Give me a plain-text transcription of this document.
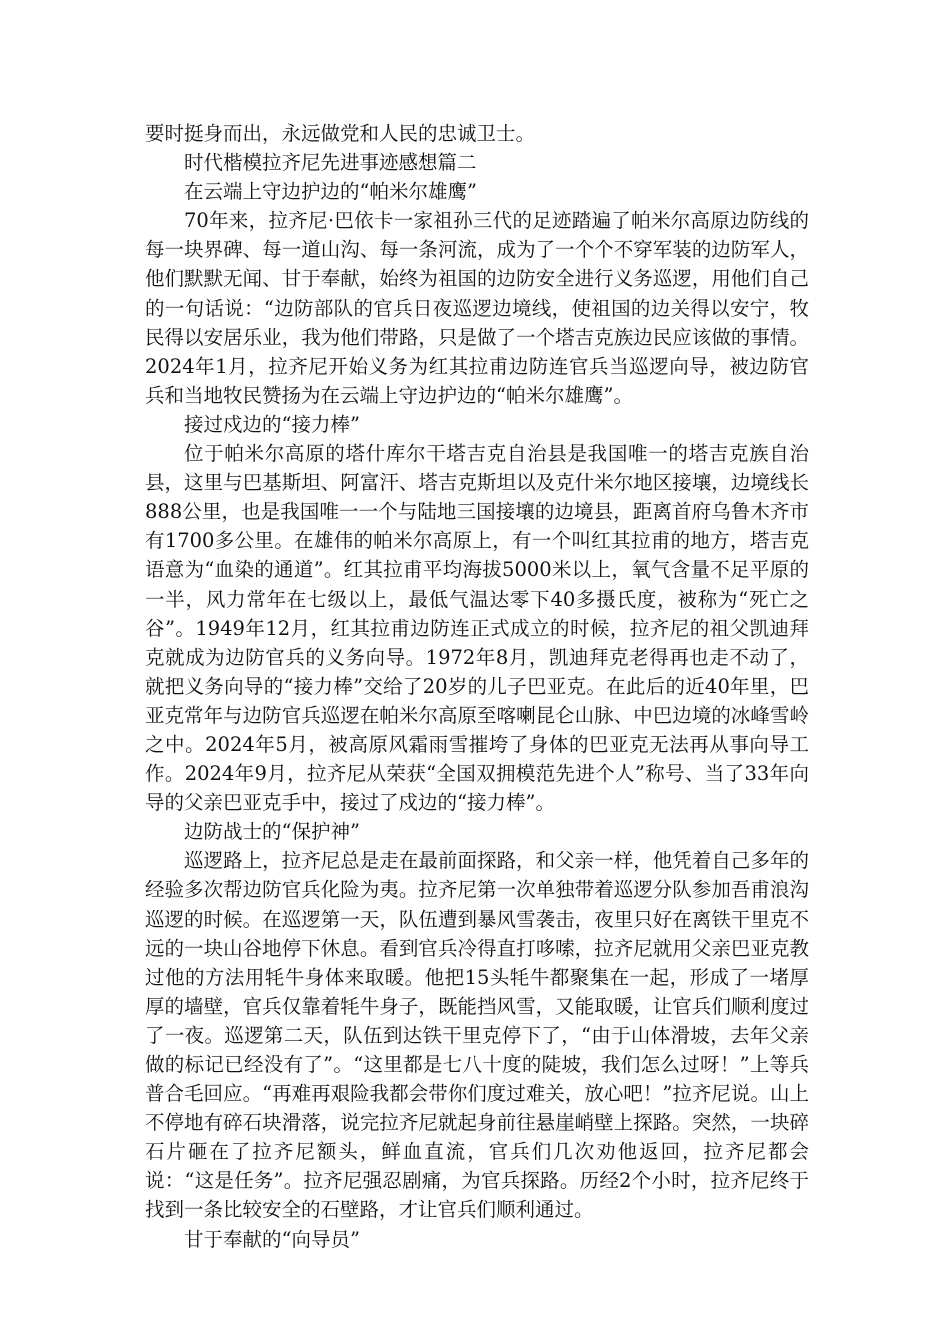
要时挺身而出，永远做党和人民的忠诚卫士。

时代楷模拉齐尼先进事迹感想篇二

在云端上守边护边的“帕米尔雄鹰”

70年来，拉齐尼·巴依卡一家祖孙三代的足迹踏遍了帕米尔高原边防线的每一块界碑、每一道山沟、每一条河流，成为了一个个不穿军装的边防军人，他们默默无闻、甘于奉献，始终为祖国的边防安全进行义务巡逻，用他们自己的一句话说：“边防部队的官兵日夜巡逻边境线，使祖国的边关得以安宁，牧民得以安居乐业，我为他们带路，只是做了一个塔吉克族边民应该做的事情。2024年1月，拉齐尼开始义务为红其拉甫边防连官兵当巡逻向导，被边防官兵和当地牧民赞扬为在云端上守边护边的“帕米尔雄鹰”。

接过戍边的“接力棒”

位于帕米尔高原的塔什库尔干塔吉克自治县是我国唯一的塔吉克族自治县，这里与巴基斯坦、阿富汗、塔吉克斯坦以及克什米尔地区接壤，边境线长888公里，也是我国唯一一个与陆地三国接壤的边境县，距离首府乌鲁木齐市有1700多公里。在雄伟的帕米尔高原上，有一个叫红其拉甫的地方，塔吉克语意为“血染的通道”。红其拉甫平均海拔5000米以上，氧气含量不足平原的一半，风力常年在七级以上，最低气温达零下40多摄氏度，被称为“死亡之谷”。1949年12月，红其拉甫边防连正式成立的时候，拉齐尼的祖父凯迪拜克就成为边防官兵的义务向导。1972年8月，凯迪拜克老得再也走不动了，就把义务向导的“接力棒”交给了20岁的儿子巴亚克。在此后的近40年里，巴亚克常年与边防官兵巡逻在帕米尔高原至喀喇昆仑山脉、中巴边境的冰峰雪岭之中。2024年5月，被高原风霜雨雪摧垮了身体的巴亚克无法再从事向导工作。2024年9月，拉齐尼从荣获“全国双拥模范先进个人”称号、当了33年向导的父亲巴亚克手中，接过了戍边的“接力棒”。

边防战士的“保护神”

巡逻路上，拉齐尼总是走在最前面探路，和父亲一样，他凭着自己多年的经验多次帮边防官兵化险为夷。拉齐尼第一次单独带着巡逻分队参加吾甫浪沟巡逻的时候。在巡逻第一天，队伍遭到暴风雪袭击，夜里只好在离铁干里克不远的一块山谷地停下休息。看到官兵冷得直打哆嗦，拉齐尼就用父亲巴亚克教过他的方法用牦牛身体来取暖。他把15头牦牛都聚集在一起，形成了一堵厚厚的墙壁，官兵仅靠着牦牛身子，既能挡风雪，又能取暖，让官兵们顺利度过了一夜。巡逻第二天，队伍到达铁干里克停下了，“由于山体滑坡，去年父亲做的标记已经没有了”。“这里都是七八十度的陡坡，我们怎么过呀！”上等兵普合毛回应。“再难再艰险我都会带你们度过难关，放心吧！”拉齐尼说。山上不停地有碎石块滑落，说完拉齐尼就起身前往悬崖峭壁上探路。突然，一块碎石片砸在了拉齐尼额头，鲜血直流，官兵们几次劝他返回，拉齐尼都会说：“这是任务”。拉齐尼强忍剧痛，为官兵探路。历经2个小时，拉齐尼终于找到一条比较安全的石壁路，才让官兵们顺利通过。

甘于奉献的“向导员”
